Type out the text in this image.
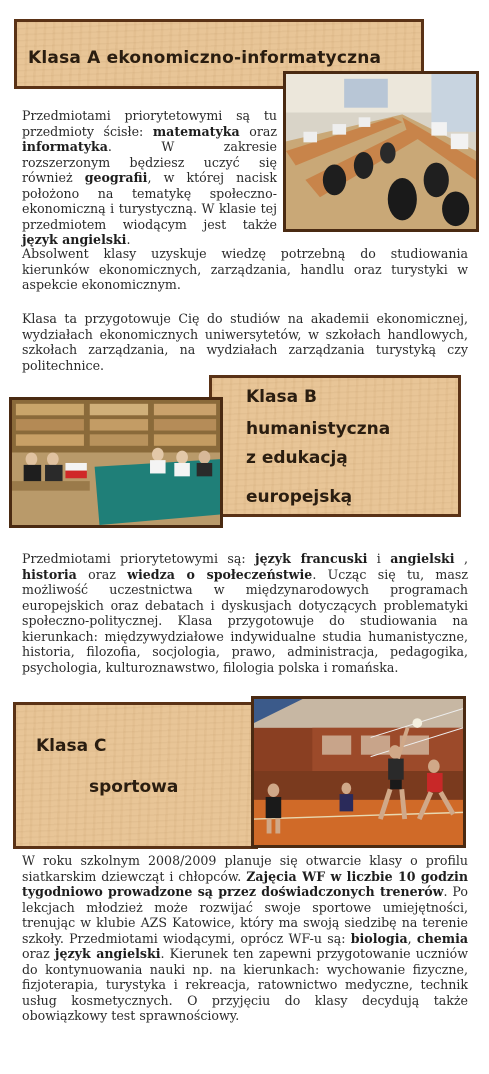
Klasa A ekonomiczno-informatyczna

Przedmiotami priorytetowymi są tu przedmioty ścisłe: matematyka oraz informatyka. W zakresie rozszerzonym będziesz uczyć się również geografii, w której nacisk położono na tematykę społeczno-ekonomiczną i turystyczną. W klasie tej przedmiotem wiodącym jest także język angielski.

Absolwent klasy uzyskuje wiedzę potrzebną do studiowania kierunków ekonomicznych, zarządzania, handlu oraz turystyki w aspekcie ekonomicznym.

Klasa ta przygotowuje Cię do studiów na akademii ekonomicznej, wydziałach ekonomicznych uniwersytetów, w szkołach handlowych, szkołach zarządzania, na wydziałach zarządzania turystyką czy politechnice.

Klasa B
humanistyczna
z edukacją
europejską

Przedmiotami priorytetowymi są: język francuski i angielski , historia oraz wiedza o społeczeństwie. Ucząc się tu, masz możliwość uczestnictwa w międzynarodowych programach europejskich oraz debatach i dyskusjach dotyczących problematyki społeczno-politycznej. Klasa przygotowuje do studiowania na kierunkach: międzywydziałowe indywidualne studia humanistyczne, historia, filozofia, socjologia, prawo, administracja, pedagogika, psychologia, kulturoznawstwo, filologia polska i romańska.

Klasa C
sportowa

W roku szkolnym 2008/2009 planuje się otwarcie klasy o profilu siatkarskim dziewcząt i chłopców. Zajęcia WF w liczbie 10 godzin tygodniowo prowadzone są przez doświadczonych trenerów. Po lekcjach młodzież może rozwijać swoje sportowe umiejętności, trenując w klubie AZS Katowice, który ma swoją siedzibę na terenie szkoły. Przedmiotami wiodącymi, oprócz WF-u są: biologia, chemia oraz język angielski. Kierunek ten zapewni przygotowanie uczniów do kontynuowania nauki np. na kierunkach: wychowanie fizyczne, fizjoterapia, turystyka i rekreacja, ratownictwo medyczne, technik usług kosmetycznych. O przyjęciu do klasy decydują także obowiązkowy test sprawnościowy.
